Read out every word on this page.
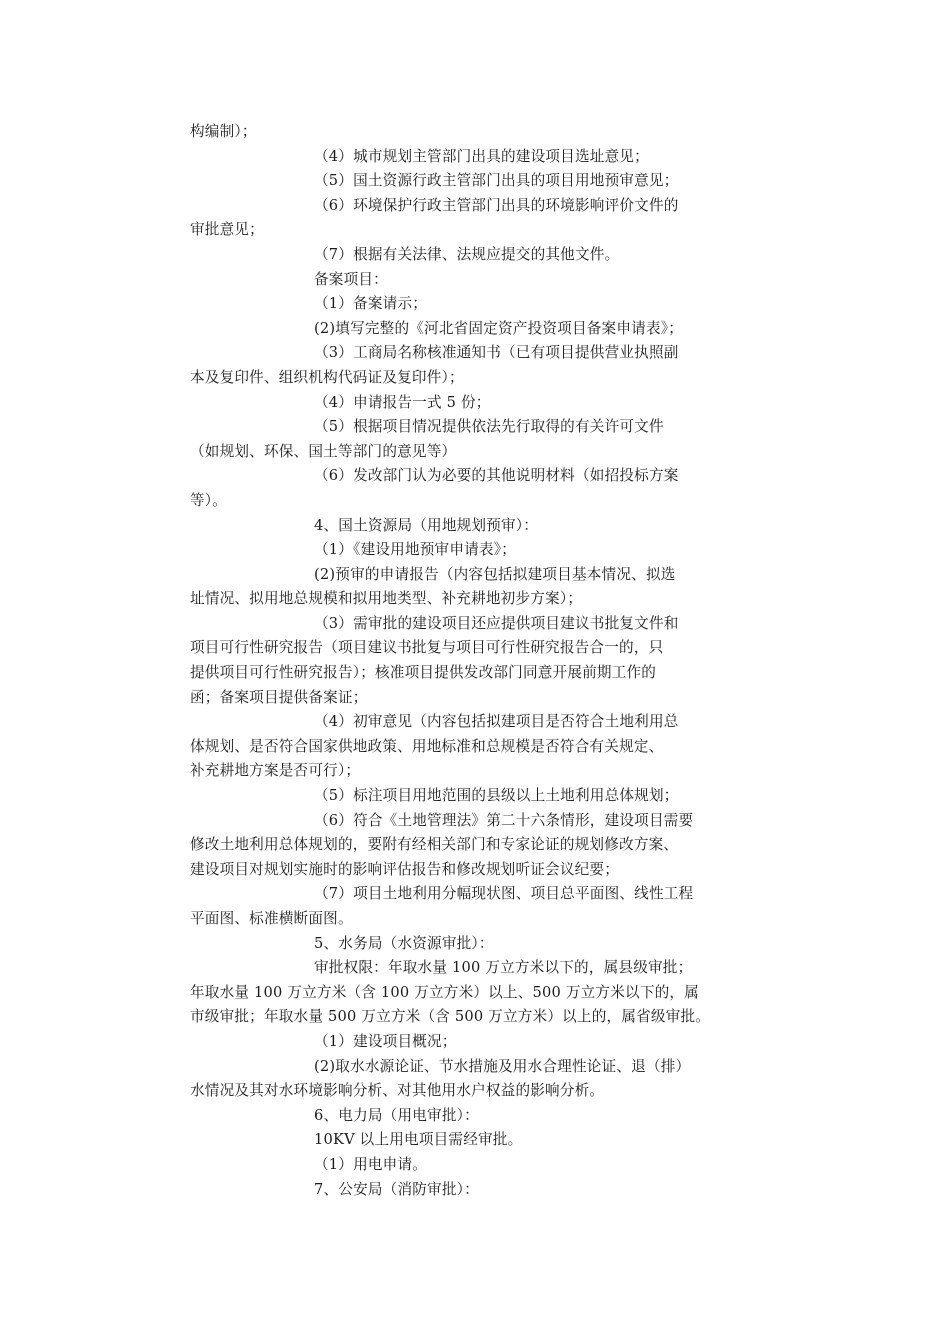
构编制）；
（4）城市规划主管部门出具的建设项目选址意见；
（5）国土资源行政主管部门出具的项目用地预审意见；
（6）环境保护行政主管部门出具的环境影响评价文件的
审批意见；
（7）根据有关法律、法规应提交的其他文件。
备案项目：
（1）备案请示；
(2)填写完整的《河北省固定资产投资项目备案申请表》；
（3）工商局名称核准通知书（已有项目提供营业执照副
本及复印件、组织机构代码证及复印件）；
（4）申请报告一式 5 份；
（5）根据项目情况提供依法先行取得的有关许可文件
（如规划、环保、国土等部门的意见等）
（6）发改部门认为必要的其他说明材料（如招投标方案
等）。
4、国土资源局（用地规划预审）：
（1）《建设用地预审申请表》；
(2)预审的申请报告（内容包括拟建项目基本情况、拟选
址情况、拟用地总规模和拟用地类型、补充耕地初步方案）；
（3）需审批的建设项目还应提供项目建议书批复文件和
项目可行性研究报告（项目建议书批复与项目可行性研究报告合一的，只
提供项目可行性研究报告）；核准项目提供发改部门同意开展前期工作的
函；备案项目提供备案证；
（4）初审意见（内容包括拟建项目是否符合土地利用总
体规划、是否符合国家供地政策、用地标准和总规模是否符合有关规定、
补充耕地方案是否可行）；
（5）标注项目用地范围的县级以上土地利用总体规划；
（6）符合《土地管理法》第二十六条情形，建设项目需要
修改土地利用总体规划的，要附有经相关部门和专家论证的规划修改方案、
建设项目对规划实施时的影响评估报告和修改规划听证会议纪要；
（7）项目土地利用分幅现状图、项目总平面图、线性工程
平面图、标准横断面图。
5、水务局（水资源审批）：
审批权限：年取水量 100 万立方米以下的，属县级审批；
年取水量 100 万立方米（含 100 万立方米）以上、500 万立方米以下的，属
市级审批；年取水量 500 万立方米（含 500 万立方米）以上的，属省级审批。
（1）建设项目概况；
(2)取水水源论证、节水措施及用水合理性论证、退（排）
水情况及其对水环境影响分析、对其他用水户权益的影响分析。
6、电力局（用电审批）：
10KV 以上用电项目需经审批。
（1）用电申请。
7、公安局（消防审批）：
